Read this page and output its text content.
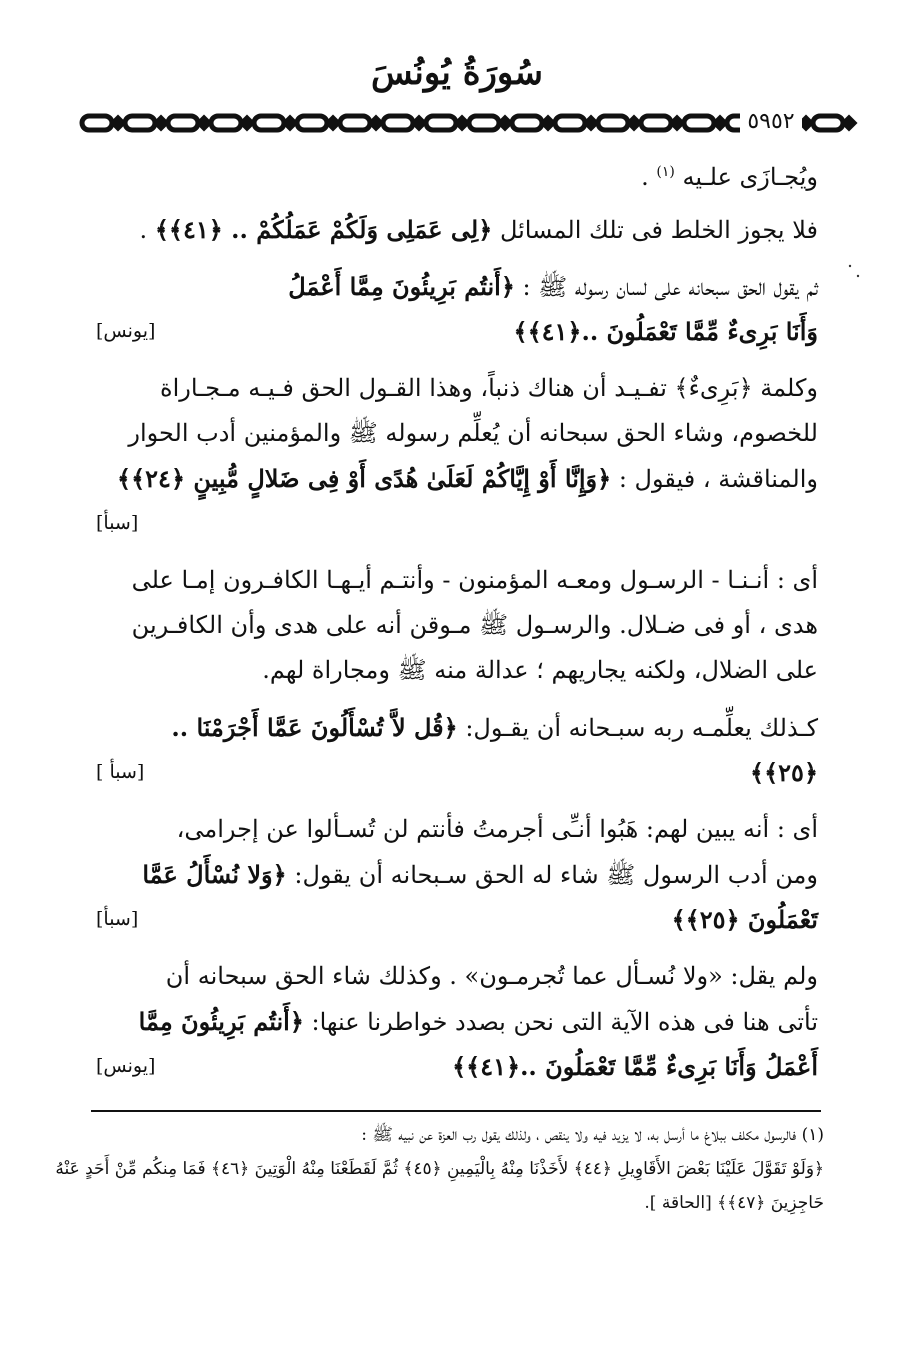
سُورَةُ يُونُسَ
٥٩٥٢
ويُجـازَى علـيه $^{(١)}$ .
فلا يجوز الخلط فى تلك المسائل ﴿لِى عَمَلِى وَلَكُمْ عَمَلُكُمْ .. ﴿٤١﴾﴾ .
ثم يقول الحق سبحانه على لسان رسوله ﷺ : ﴿أَنتُم بَرِيئُونَ مِمَّا أَعْمَلُ
وَأَنَا بَرِىءٌ مِّمَّا تَعْمَلُونَ ..﴿٤١﴾﴾
[يونس]
وكلمة ﴿بَرِىءٌ﴾ تفـيـد أن هناك ذنباً، وهذا القـول الحق فـيـه مـجـاراة
للخصوم، وشاء الحق سبحانه أن يُعلِّم رسوله ﷺ والمؤمنين أدب الحوار
والمناقشة ، فيقول : ﴿وَإِنَّا أَوْ إِيَّاكُمْ لَعَلَىٰ هُدًى أَوْ فِى ضَلالٍ مُّبِينٍ ﴿٢٤﴾﴾
[سبأ]
أى : أنـنـا - الرسـول ومعـه المؤمنون - وأنتـم أيـهـا الكافـرون إمـا على
هدى ، أو فى ضـلال. والرسـول ﷺ مـوقن أنه على هدى وأن الكافـرين
على الضلال، ولكنه يجاريهم ؛ عدالة منه ﷺ ومجاراة لهم.
كـذلك يعلِّمـه ربه سبـحانه أن يقـول: ﴿قُل لاَّ تُسْأَلُونَ عَمَّا أَجْرَمْنَا ..
﴿٢٥﴾﴾
[سبأ ]
أى : أنه يبين لهم: هَبُوا أنـِّى أجرمتُ فأنتم لن تُسـألوا عن إجرامى،
ومن أدب الرسول ﷺ شاء له الحق سـبحانه أن يقول: ﴿وَلا نُسْأَلُ عَمَّا
تَعْمَلُونَ ﴿٢٥﴾﴾
[سبأ]
ولم يقل: «ولا نُسـأل عما تُجرمـون» . وكذلك شاء الحق سبحانه أن
تأتى هنا فى هذه الآية التى نحن بصدد خواطرنا عنها: ﴿أَنتُم بَرِيئُونَ مِمَّا
أَعْمَلُ وَأَنَا بَرِىءٌ مِّمَّا تَعْمَلُونَ ..﴿٤١﴾﴾
[يونس]
(١) فالرسول مكلف ببلاغ ما أرسل به، لا يزيد فيه ولا ينقص ، ولذلك يقول رب العزة عن نبيه ﷺ :
﴿وَلَوْ تَقَوَّلَ عَلَيْنَا بَعْضَ الأَقَاوِيلِ ﴿٤٤﴾ لأَخَذْنَا مِنْهُ بِالْيَمِينِ ﴿٤٥﴾ ثُمَّ لَقَطَعْنَا مِنْهُ الْوَتِينَ ﴿٤٦﴾ فَمَا مِنكُم مِّنْ أَحَدٍ عَنْهُ
حَاجِزِينَ ﴿٤٧﴾﴾ [الحاقة ].
